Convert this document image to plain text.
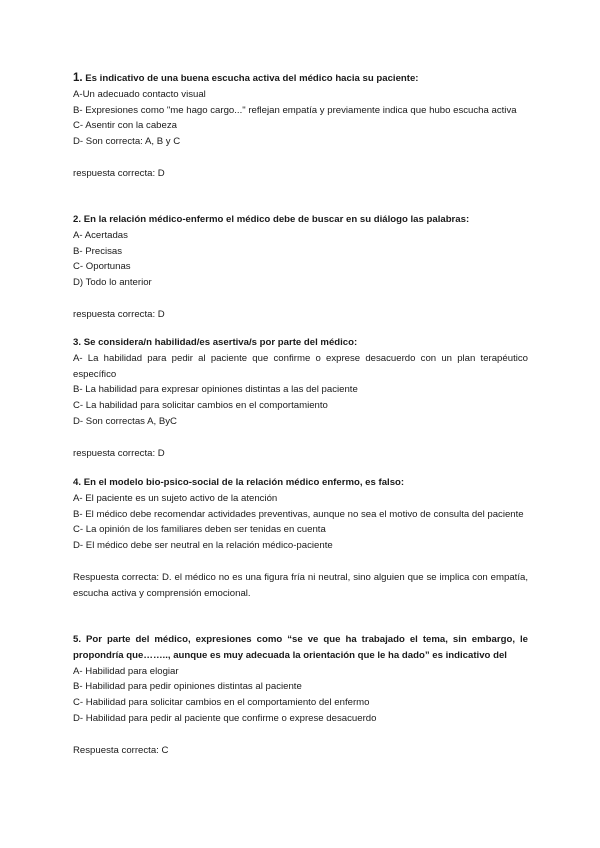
1. Es indicativo de una buena escucha activa del médico hacia su paciente:

A-Un adecuado contacto visual

B- Expresiones como "me hago cargo..." reflejan empatía y previamente indica que hubo escucha activa

C- Asentir con la cabeza

D- Son correcta: A, B y C

respuesta correcta: D

2. En la relación médico-enfermo el médico debe de buscar en su diálogo las palabras:

A- Acertadas

B- Precisas

C- Oportunas

D) Todo lo anterior

respuesta correcta: D

3. Se considera/n habilidad/es asertiva/s por parte del médico:

A- La habilidad para pedir al paciente que confirme o exprese desacuerdo con un plan terapéutico específico

B- La habilidad para expresar opiniones distintas a las del paciente

C- La habilidad para solicitar cambios en el comportamiento

D- Son correctas A, ByC

respuesta correcta: D

4. En el modelo bio-psico-social de la relación médico enfermo, es falso:

A- El paciente es un sujeto activo de la atención

B- El médico debe recomendar actividades preventivas, aunque no sea el motivo de consulta del paciente

C- La opinión de los familiares deben ser tenidas en cuenta

D- El médico debe ser neutral en la relación médico-paciente

Respuesta correcta: D. el médico no es una figura fría ni neutral, sino alguien que se implica con empatía, escucha activa y comprensión emocional.

5. Por parte del médico, expresiones como “se ve que ha trabajado el tema, sin embargo, le propondría que…….., aunque es muy adecuada la orientación que le ha dado” es indicativo del

A- Habilidad para elogiar

B- Habilidad para pedir opiniones distintas al paciente

C- Habilidad para solicitar cambios en el comportamiento del enfermo

D- Habilidad para pedir al paciente que confirme o exprese desacuerdo

Respuesta correcta: C
